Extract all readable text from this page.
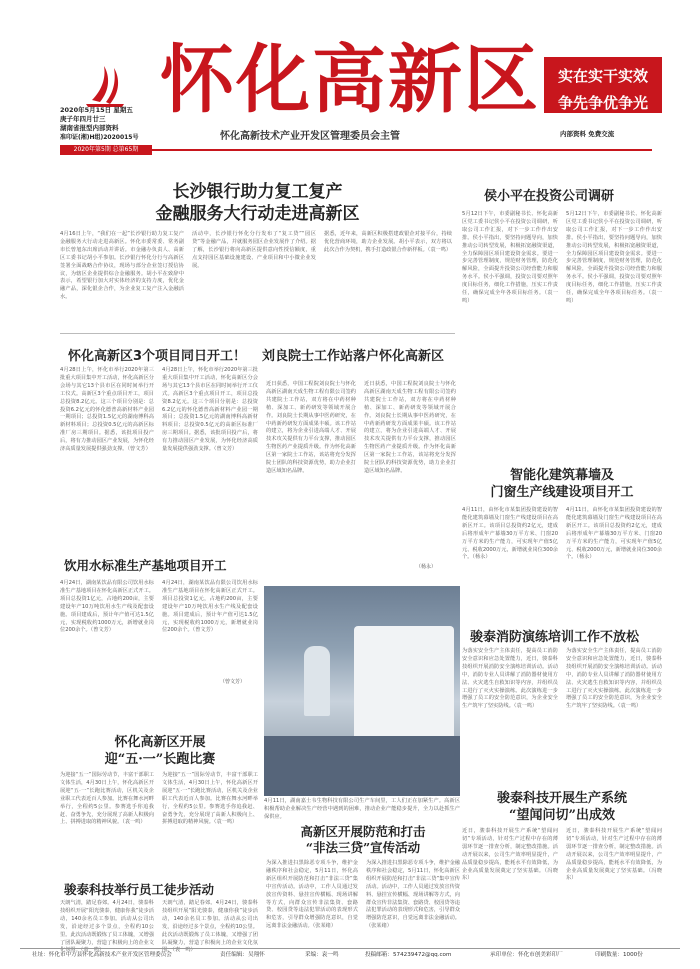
怀化高新区
怀化高新技术产业开发区管理委员会主管
实在实干实效
争先争优争光
2020年5月15日 星期五
庚子年四月廿三
湖南省报型内部资料
准印证(湘)H组)2020015号	内部资料 免费交流
2020年第5期 总第65期
长沙银行助力复工复产
金融服务大行动走进高新区
4月16日上午，“我们在一起”长沙银行助力复工复产金融服务大行动走进高新区。怀化市委常委、常务副市长曾旭东出席活动并讲话。市金融办负责人、高新区工委书记胡小平参加。长沙银行怀化分行与高新区签署全面战略合作协议，现场与部分企业签订授信协议，为辖区企业提供综合金融服务。胡小平在致辞中表示，希望银行加大对实体经济的支持力度，优化金融产品，深化银企合作，为企业复工复产注入金融活水。
活动中，长沙银行怀化分行发布了“复工贷”“园区贷”等金融产品，并就服务园区企业发展作了介绍。据了解，长沙银行将向高新区提供意向性授信额度，重点支持园区基础设施建设、产业项目和中小微企业发展。
据悉，近年来，高新区积极搭建政银企对接平台，持续优化营商环境，助力企业发展。胡小平表示，双方将以此次合作为契机，携手打造政银合作新样板。（袁一鸣）
侯小平在投资公司调研
5月12日下午，市委副秘书长、怀化高新区党工委书记侯小平在投资公司调研，听取公司工作汇报，对下一步工作作出安排。侯小平指出，要坚持问题导向，加快推动公司转型发展，积极拓宽融资渠道，全力保障园区项目建设资金需求。要进一步完善管理制度，规范财务管理，防范化解风险，全面提升投资公司经营能力和服务水平。侯小平强调，投资公司要对照年度目标任务，细化工作措施，压实工作责任，确保完成全年各项目标任务。（袁一鸣）
5月12日下午，市委副秘书长、怀化高新区党工委书记侯小平在投资公司调研，听取公司工作汇报，对下一步工作作出安排。侯小平指出，要坚持问题导向，加快推动公司转型发展，积极拓宽融资渠道，全力保障园区项目建设资金需求。要进一步完善管理制度，规范财务管理，防范化解风险，全面提升投资公司经营能力和服务水平。侯小平强调，投资公司要对照年度目标任务，细化工作措施，压实工作责任，确保完成全年各项目标任务。（袁一鸣）
怀化高新区3个项目同日开工！
4月28日上午，怀化市举行2020年第三批重大项目集中开工活动，怀化高新区分会场与其它13个县市区在同时间举行开工仪式。高新区3个重点项目开工，项目总投资8.2亿元。这三个项目分别是：总投资6.2亿元的怀化德普高新材料产业园一期项目；总投资1.5亿元的湖南博科高新材料项目；总投资0.5亿元的高新区标准厂房三期项目。据悉，该批项目投产后，将有力推动园区产业发展，为怀化经济高质量发展提供强劲支撑。（曾文芳）
4月28日上午，怀化市举行2020年第三批重大项目集中开工活动，怀化高新区分会场与其它13个县市区在同时间举行开工仪式。高新区3个重点项目开工，项目总投资8.2亿元。这三个项目分别是：总投资6.2亿元的怀化德普高新材料产业园一期项目；总投资1.5亿元的湖南博科高新材料项目；总投资0.5亿元的高新区标准厂房三期项目。据悉，该批项目投产后，将有力推动园区产业发展，为怀化经济高质量发展提供强劲支撑。（曾文芳）
刘良院士工作站落户怀化高新区
近日获悉，中国工程院刘良院士与怀化高新区湖南天成生物工程有限公司签约共建院士工作站，双方将在中药材种植、深加工、新药研发等领域开展合作。刘良院士长期从事中医药研究，在中药新药研发方面成果丰硕。该工作站的建立，将为企业引进高端人才、开展技术攻关提供有力平台支撑，推动园区生物医药产业提质升级。作为怀化高新区第一家院士工作站，该站将充分发挥院士团队的科技资源优势，助力企业打造区域知名品牌。
近日获悉，中国工程院刘良院士与怀化高新区湖南天成生物工程有限公司签约共建院士工作站，双方将在中药材种植、深加工、新药研发等领域开展合作。刘良院士长期从事中医药研究，在中药新药研发方面成果丰硕。该工作站的建立，将为企业引进高端人才、开展技术攻关提供有力平台支撑，推动园区生物医药产业提质升级。作为怀化高新区第一家院士工作站，该站将充分发挥院士团队的科技资源优势，助力企业打造区域知名品牌。
（杨永）
智能化建筑幕墙及
门窗生产线建设项目开工
4月11日，由怀化市某集团投资建设的智能化建筑幕墙及门窗生产线建设项目在高新区开工。该项目总投资约2亿元，建成后将形成年产幕墙30万平方米、门窗20万平方米的生产能力，可实现年产值5亿元、税收2000万元，新增就业岗位300余个。（杨永）
4月11日，由怀化市某集团投资建设的智能化建筑幕墙及门窗生产线建设项目在高新区开工。该项目总投资约2亿元，建成后将形成年产幕墙30万平方米、门窗20万平方米的生产能力，可实现年产值5亿元、税收2000万元，新增就业岗位300余个。（杨永）
饮用水标准生产基地项目开工
4月24日，湖南某饮品有限公司饮用水标准生产基地项目在怀化高新区正式开工。项目总投资1亿元，占地约200亩，主要建设年产10万吨饮用水生产线及配套设施。项目建成后，预计年产值可达1.5亿元，实现税收约1000万元，新增就业岗位200余个。（曾文芳）
4月24日，湖南某饮品有限公司饮用水标准生产基地项目在怀化高新区正式开工。项目总投资1亿元，占地约200亩，主要建设年产10万吨饮用水生产线及配套设施。项目建成后，预计年产值可达1.5亿元，实现税收约1000万元，新增就业岗位200余个。（曾文芳）
（曾文芳）
4月11日，湖南嘉士韦生物科技有限公司生产车间里，工人们正在加紧生产。高新区积极帮助企业解决生产经营中遇到的困难，推动企业产能稳步提升，全力以赴抓生产保供应。
怀化高新区开展
迎“五·一”长跑比赛
为迎接“五一”国际劳动节，丰富干部职工文体生活，4月30日上午，怀化高新区开展迎“五·一”长跑比赛活动，区机关及企业职工代表近百人参加。比赛在舞水河畔举行，全程约5公里。参赛选手你追我赶、奋勇争先，充分展现了高新人积极向上、拼搏进取的精神风貌。（袁一鸣）
为迎接“五一”国际劳动节，丰富干部职工文体生活，4月30日上午，怀化高新区开展迎“五·一”长跑比赛活动，区机关及企业职工代表近百人参加。比赛在舞水河畔举行，全程约5公里。参赛选手你追我赶、奋勇争先，充分展现了高新人积极向上、拼搏进取的精神风貌。（袁一鸣）
骏泰消防演练培训工作不放松
为落实安全生产主体责任，提高员工消防安全意识和应急处置能力，近日，骏泰科技组织开展消防安全演练培训活动。活动中，消防专业人员讲解了消防器材使用方法、火灾逃生自救知识等内容，并组织员工进行了灭火实操演练。此次演练进一步增强了员工的安全防范意识，为企业安全生产筑牢了坚实防线。（袁一鸣）
为落实安全生产主体责任，提高员工消防安全意识和应急处置能力，近日，骏泰科技组织开展消防安全演练培训活动。活动中，消防专业人员讲解了消防器材使用方法、火灾逃生自救知识等内容，并组织员工进行了灭火实操演练。此次演练进一步增强了员工的安全防范意识，为企业安全生产筑牢了坚实防线。（袁一鸣）
骏泰科技开展生产系统
“望闻问切”出成效
近日，骏泰科技开展生产系统“望闻问切”专项活动，针对生产过程中存在的薄弱环节逐一排查分析，制定整改措施。活动开展以来，公司生产效率明显提升，产品质量稳步提高，能耗水平有效降低，为企业高质量发展奠定了坚实基础。（冯晓东）
近日，骏泰科技开展生产系统“望闻问切”专项活动，针对生产过程中存在的薄弱环节逐一排查分析，制定整改措施。活动开展以来，公司生产效率明显提升，产品质量稳步提高，能耗水平有效降低，为企业高质量发展奠定了坚实基础。（冯晓东）
高新区开展防范和打击
“非法三贷”宣传活动
为深入推进扫黑除恶专项斗争，维护金融秩序和社会稳定，5月11日，怀化高新区组织开展防范和打击“非法三贷”集中宣传活动。活动中，工作人员通过发放宣传资料、悬挂宣传横幅、现场讲解等方式，向群众宣传非法集资、套路贷、校园贷等违法犯罪活动的表现形式和危害，引导群众增强防范意识，自觉远离非法金融活动。（张某绪）
为深入推进扫黑除恶专项斗争，维护金融秩序和社会稳定，5月11日，怀化高新区组织开展防范和打击“非法三贷”集中宣传活动。活动中，工作人员通过发放宣传资料、悬挂宣传横幅、现场讲解等方式，向群众宣传非法集资、套路贷、校园贷等违法犯罪活动的表现形式和危害，引导群众增强防范意识，自觉远离非法金融活动。（张某绪）
骏泰科技举行员工徒步活动
天朗气清，踏足春郊。4月24日，骏泰科技组织开展“阳光骏泰，健康你我”徒步活动，140余名员工参加。活动从公司出发，沿途经过多个景点，全程约10公里。此次活动既锻炼了员工体魄，又增强了团队凝聚力，营造了积极向上的企业文化氛围。（袁一鸣）
天朗气清，踏足春郊。4月24日，骏泰科技组织开展“阳光骏泰，健康你我”徒步活动，140余名员工参加。活动从公司出发，沿途经过多个景点，全程约10公里。此次活动既锻炼了员工体魄，又增强了团队凝聚力，营造了积极向上的企业文化氛围。（袁一鸣）
社址：怀化市中方县怀化高新技术产业开发区管理委员会	责任编辑：吴翔怀	采编：袁一鸣	投稿邮箱：574239472@qq.com	承印单位：怀化市创美彩印厂	印刷数量：1000份
